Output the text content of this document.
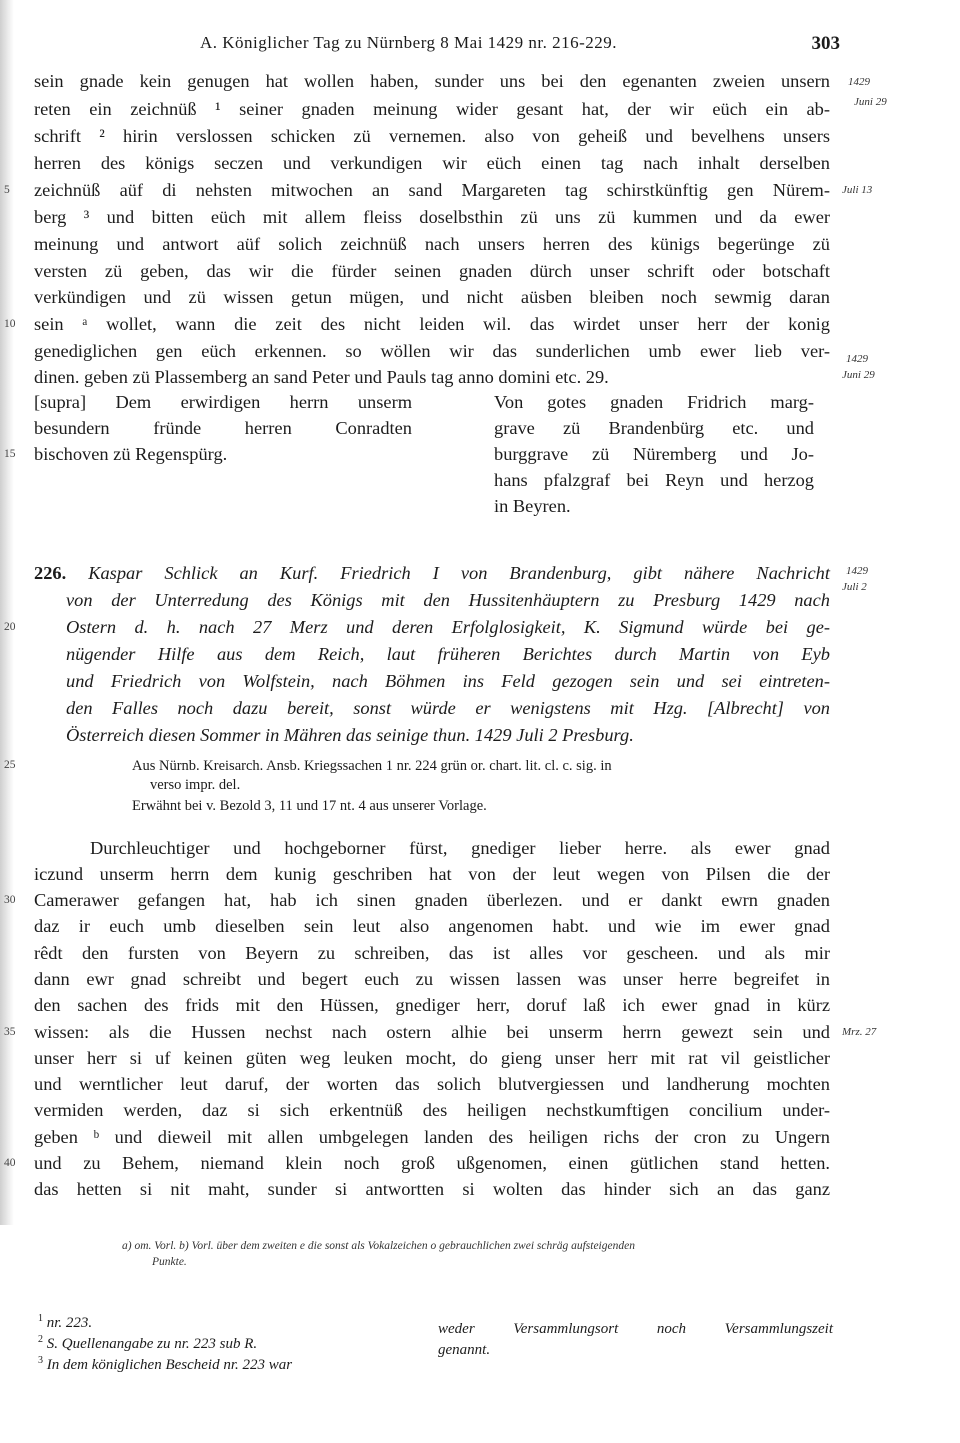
A. Königlicher Tag zu Nürnberg 8 Mai 1429 nr. 216-229.	303
sein gnade kein genugen hat wollen haben, sunder uns bei den egenanten zweien unsern
reten ein zeichnüß ¹ seiner gnaden meinung wider gesant hat, der wir eüch ein ab-
schrift ² hirin verslossen schicken zü vernemen. also von geheiß und bevelhens unsers
herren des königs seczen und verkundigen wir eüch einen tag nach inhalt derselben
zeichnüß aüf di nehsten mitwochen an sand Margareten tag schirstkünftig gen Nürem-
berg ³ und bitten eüch mit allem fleiss doselbsthin zü uns zü kummen und da ewer
meinung und antwort aüf solich zeichnüß nach unsers herren des künigs begerünge zü
versten zü geben, das wir die fürder seinen gnaden dürch unser schrift oder botschaft
verkündigen und zü wissen getun mügen, und nicht aüsben bleiben noch sewmig daran
sein ᵃ wollet, wann die zeit des nicht leiden wil. das wirdet unser herr der konig
genediglichen gen eüch erkennen. so wöllen wir das sunderlichen umb ewer lieb ver-
dinen. geben zü Plassemberg an sand Peter und Pauls tag anno domini etc. 29.
[supra] Dem erwirdigen herrn unserm
besundern fründe herren Conradten
bischoven zü Regenspürg.
Von gotes gnaden Fridrich marg-
grave zü Brandenbürg etc. und
burggrave zü Nüremberg und Jo-
hans pfalzgraf bei Reyn und herzog
in Beyren.
226. Kaspar Schlick an Kurf. Friedrich I von Brandenburg, gibt nähere Nachricht
von der Unterredung des Königs mit den Hussitenhäuptern zu Presburg 1429 nach
Ostern d. h. nach 27 Merz und deren Erfolglosigkeit, K. Sigmund würde bei ge-
nügender Hilfe aus dem Reich, laut früheren Berichtes durch Martin von Eyb
und Friedrich von Wolfstein, nach Böhmen ins Feld gezogen sein und sei eintreten-
den Falles noch dazu bereit, sonst würde er wenigstens mit Hzg. [Albrecht] von
Österreich diesen Sommer in Mähren das seinige thun. 1429 Juli 2 Presburg.
Aus Nürnb. Kreisarch. Ansb. Kriegssachen 1 nr. 224 grün or. chart. lit. cl. c. sig. in
verso impr. del.
Erwähnt bei v. Bezold 3, 11 und 17 nt. 4 aus unserer Vorlage.
Durchleuchtiger und hochgeborner fürst, gnediger lieber herre. als ewer gnad
iczund unserm herrn dem kunig geschriben hat von der leut wegen von Pilsen die der
Camerawer gefangen hat, hab ich sinen gnaden überlezen. und er dankt ewrn gnaden
daz ir euch umb dieselben sein leut also angenomen habt. und wie im ewer gnad
rêdt den fursten von Beyern zu schreiben, das ist alles vor gescheen. und als mir
dann ewr gnad schreibt und begert euch zu wissen lassen was unser herre begreifet in
den sachen des frids mit den Hüssen, gnediger herr, doruf laß ich ewer gnad in kürz
wissen: als die Hussen nechst nach ostern alhie bei unserm herrn gewezt sein und
unser herr si uf keinen güten weg leuken mocht, do gieng unser herr mit rat vil geistlicher
und werntlicher leut daruf, der worten das solich blutvergiessen und landherung mochten
vermiden werden, daz si sich erkentnüß des heiligen nechstkumftigen concilium under-
geben ᵇ und dieweil mit allen umbgelegen landen des heiligen richs der cron zu Ungern
und zu Behem, niemand klein noch groß ußgenomen, einen gütlichen stand hetten.
das hetten si nit maht, sunder si antwortten si wolten das hinder sich an das ganz
5
10
15
20
25
30
35
40
1429
Juni 29
Juli 13
1429
Juni 29
1429
Juli 2
Mrz. 27
a) om. Vorl. b) Vorl. über dem zweiten e die sonst als Vokalzeichen o gebrauchlichen zwei schräg aufsteigenden
Punkte.
$^1$ nr. 223.
$^2$ S. Quellenangabe zu nr. 223 sub R.
$^3$ In dem königlichen Bescheid nr. 223 war
weder Versammlungsort noch Versammlungszeit
genannt.
